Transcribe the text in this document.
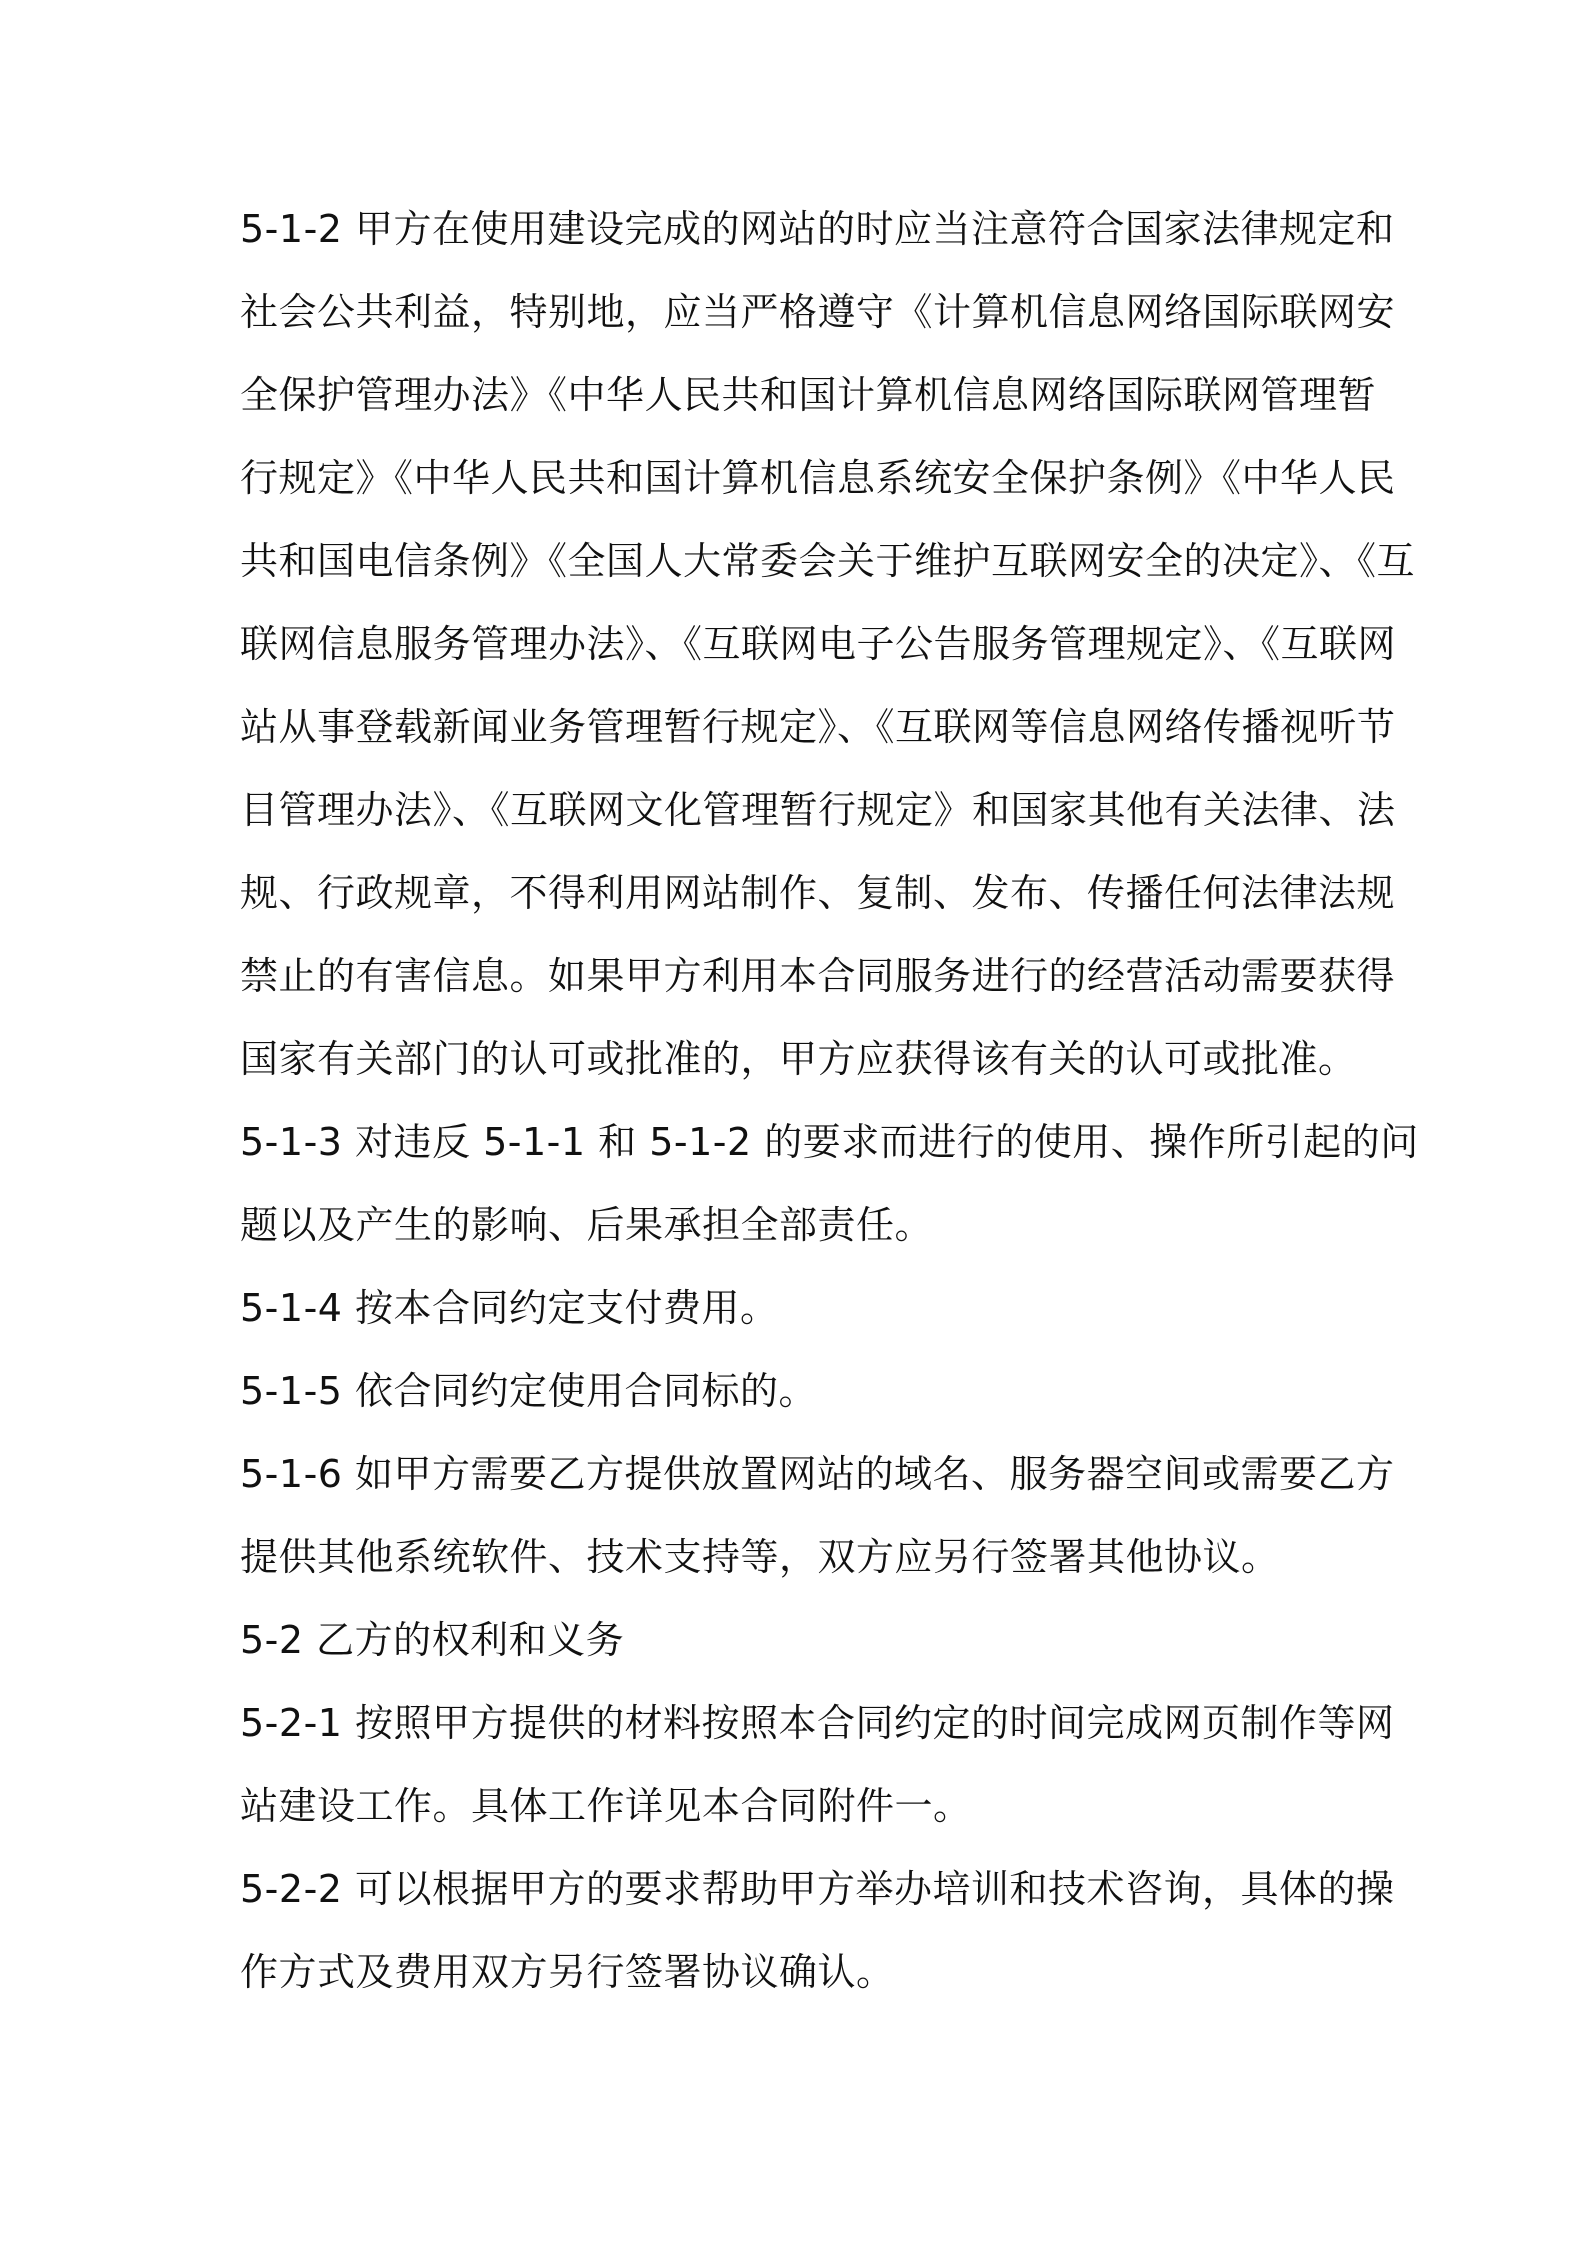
5-1-2 甲方在使用建设完成的网站的时应当注意符合国家法律规定和
社会公共利益，特别地，应当严格遵守《计算机信息网络国际联网安
全保护管理办法》《中华人民共和国计算机信息网络国际联网管理暂
行规定》《中华人民共和国计算机信息系统安全保护条例》《中华人民
共和国电信条例》《全国人大常委会关于维护互联网安全的决定》、《互
联网信息服务管理办法》、《互联网电子公告服务管理规定》、《互联网
站从事登载新闻业务管理暂行规定》、《互联网等信息网络传播视听节
目管理办法》、《互联网文化管理暂行规定》和国家其他有关法律、法
规、行政规章，不得利用网站制作、复制、发布、传播任何法律法规
禁止的有害信息。如果甲方利用本合同服务进行的经营活动需要获得
国家有关部门的认可或批准的，甲方应获得该有关的认可或批准。

5-1-3 对违反 5-1-1 和 5-1-2 的要求而进行的使用、操作所引起的问
题以及产生的影响、后果承担全部责任。

5-1-4 按本合同约定支付费用。

5-1-5 依合同约定使用合同标的。

5-1-6 如甲方需要乙方提供放置网站的域名、服务器空间或需要乙方
提供其他系统软件、技术支持等，双方应另行签署其他协议。

5-2 乙方的权利和义务

5-2-1 按照甲方提供的材料按照本合同约定的时间完成网页制作等网
站建设工作。具体工作详见本合同附件一。

5-2-2 可以根据甲方的要求帮助甲方举办培训和技术咨询，具体的操
作方式及费用双方另行签署协议确认。
